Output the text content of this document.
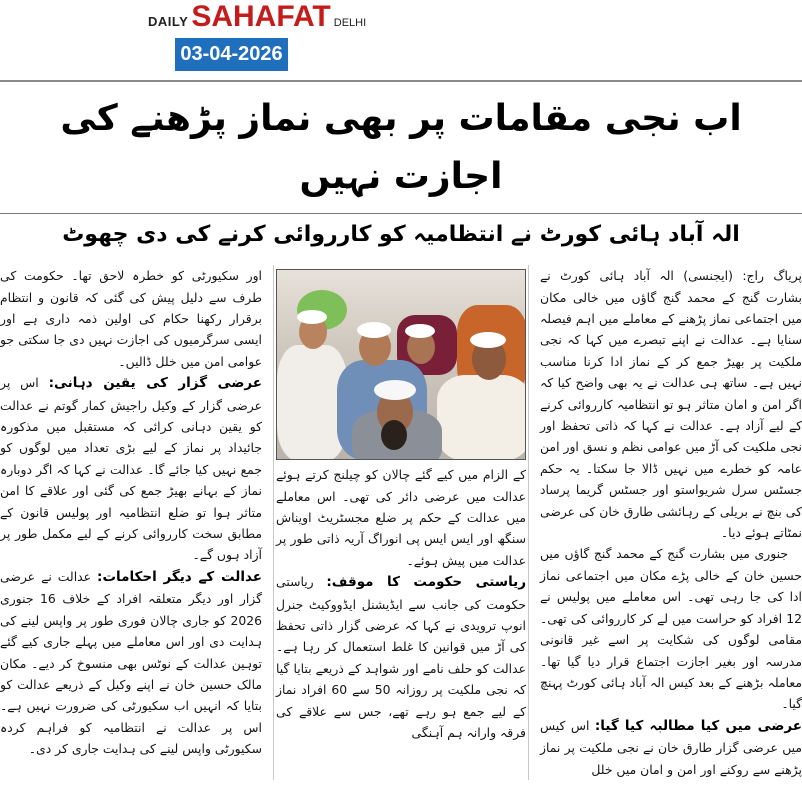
DAILY SAHAFAT DELHI
03-04-2026
اب نجی مقامات پر بھی نماز پڑھنے کی اجازت نہیں
الہ آباد ہائی کورٹ نے انتظامیہ کو کارروائی کرنے کی دی چھوٹ

پریاگ راج: (ایجنسی) الہ آباد ہائی کورٹ نے بشارت گنج کے محمد گنج گاؤں میں خالی مکان میں اجتماعی نماز پڑھنے کے معاملے میں اہم فیصلہ سنایا ہے۔ عدالت نے اپنے تبصرے میں کہا کہ نجی ملکیت پر بھیڑ جمع کر کے نماز ادا کرنا مناسب نہیں ہے۔ ساتھ ہی عدالت نے یہ بھی واضح کیا کہ اگر امن و امان متاثر ہو تو انتظامیہ کارروائی کرنے کے لیے آزاد ہے۔ عدالت نے کہا کہ ذاتی تحفظ اور نجی ملکیت کی آڑ میں عوامی نظم و نسق اور امن عامہ کو خطرے میں نہیں ڈالا جا سکتا۔ یہ حکم جسٹس سرل شریواستو اور جسٹس گریما پرساد کی بنچ نے بریلی کے رہائشی طارق خان کی عرضی نمٹاتے ہوئے دیا۔

جنوری میں بشارت گنج کے محمد گنج گاؤں میں حسین خان کے خالی پڑے مکان میں اجتماعی نماز ادا کی جا رہی تھی۔ اس معاملے میں پولیس نے 12 افراد کو حراست میں لے کر کارروائی کی تھی۔ مقامی لوگوں کی شکایت پر اسے غیر قانونی مدرسہ اور بغیر اجازت اجتماع قرار دیا گیا تھا۔ معاملہ بڑھنے کے بعد کیس الہ آباد ہائی کورٹ پہنچ گیا۔

عرضی میں کیا مطالبہ کیا گیا: اس کیس میں عرضی گزار طارق خان نے نجی ملکیت پر نماز پڑھنے سے روکنے اور امن و امان میں خلل

کے الزام میں کیے گئے چالان کو چیلنج کرتے ہوئے عدالت میں عرضی دائر کی تھی۔ اس معاملے میں عدالت کے حکم پر ضلع مجسٹریٹ اویناش سنگھ اور ایس ایس پی انوراگ آریہ ذاتی طور پر عدالت میں پیش ہوئے۔

ریاستی حکومت کا موقف: ریاستی حکومت کی جانب سے ایڈیشنل ایڈووکیٹ جنرل انوپ ترویدی نے کہا کہ عرضی گزار ذاتی تحفظ کی آڑ میں قوانین کا غلط استعمال کر رہا ہے۔ عدالت کو حلف نامے اور شواہد کے ذریعے بتایا گیا کہ نجی ملکیت پر روزانہ 50 سے 60 افراد نماز کے لیے جمع ہو رہے تھے، جس سے علاقے کی فرقہ وارانہ ہم آہنگی

اور سکیورٹی کو خطرہ لاحق تھا۔ حکومت کی طرف سے دلیل پیش کی گئی کہ قانون و انتظام برقرار رکھنا حکام کی اولین ذمہ داری ہے اور ایسی سرگرمیوں کی اجازت نہیں دی جا سکتی جو عوامی امن میں خلل ڈالیں۔

عرضی گزار کی یقین دہانی: اس پر عرضی گزار کے وکیل راجیش کمار گوتم نے عدالت کو یقین دہانی کرائی کہ مستقبل میں مذکورہ جائیداد پر نماز کے لیے بڑی تعداد میں لوگوں کو جمع نہیں کیا جائے گا۔ عدالت نے کہا کہ اگر دوبارہ نماز کے بہانے بھیڑ جمع کی گئی اور علاقے کا امن متاثر ہوا تو ضلع انتظامیہ اور پولیس قانون کے مطابق سخت کارروائی کرنے کے لیے مکمل طور پر آزاد ہوں گے۔

عدالت کے دیگر احکامات: عدالت نے عرضی گزار اور دیگر متعلقہ افراد کے خلاف 16 جنوری 2026 کو جاری چالان فوری طور پر واپس لینے کی ہدایت دی اور اس معاملے میں پہلے جاری کیے گئے توہین عدالت کے نوٹس بھی منسوخ کر دیے۔ مکان مالک حسین خان نے اپنے وکیل کے ذریعے عدالت کو بتایا کہ انہیں اب سکیورٹی کی ضرورت نہیں ہے۔ اس پر عدالت نے انتظامیہ کو فراہم کردہ سکیورٹی واپس لینے کی ہدایت جاری کر دی۔
